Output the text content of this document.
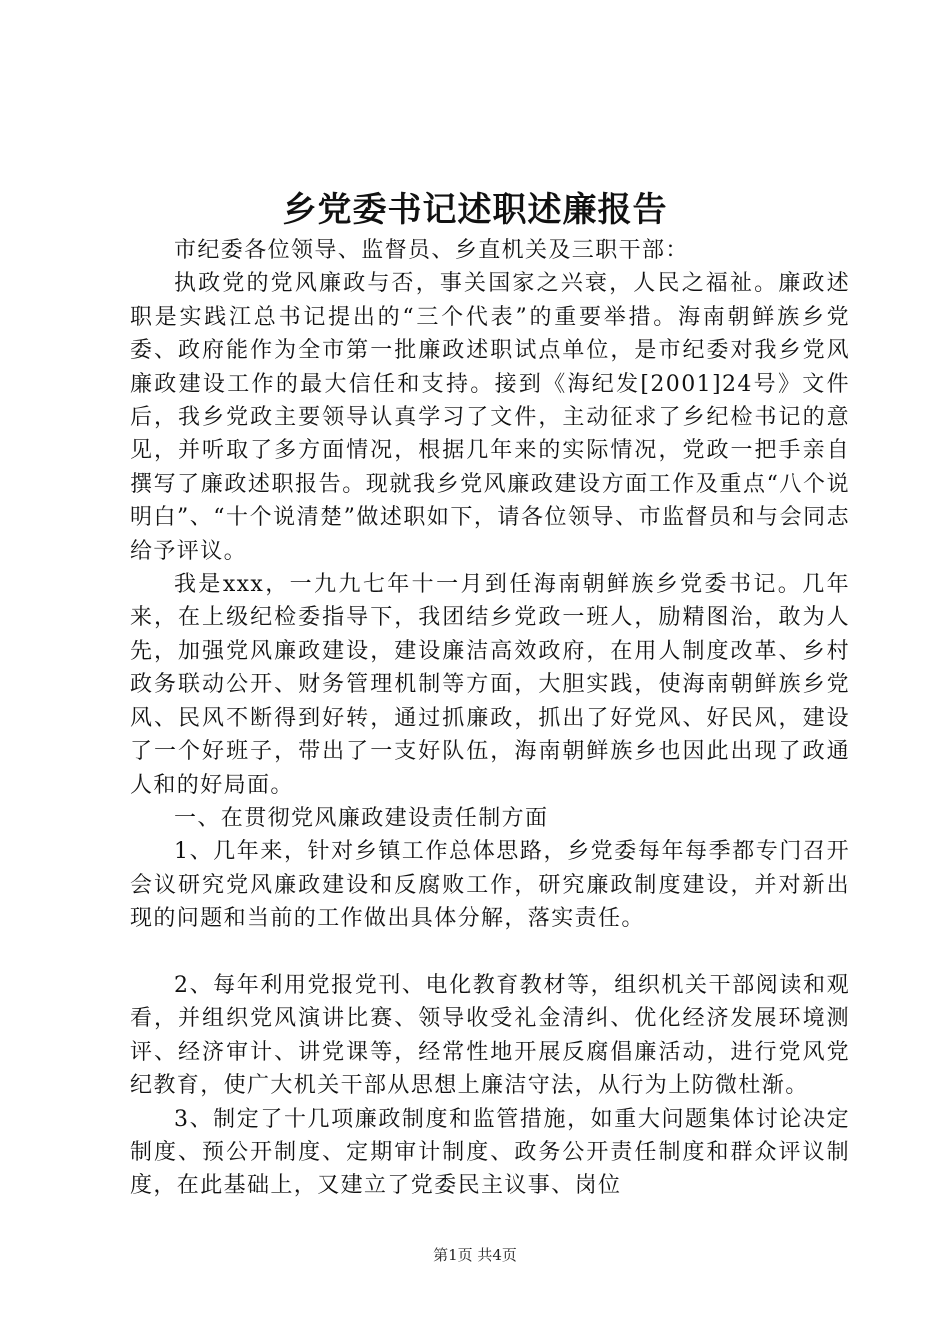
乡党委书记述职述廉报告

市纪委各位领导、监督员、乡直机关及三职干部：

执政党的党风廉政与否，事关国家之兴衰，人民之福祉。廉政述职是实践江总书记提出的“三个代表”的重要举措。海南朝鲜族乡党委、政府能作为全市第一批廉政述职试点单位，是市纪委对我乡党风廉政建设工作的最大信任和支持。接到《海纪发[2001]24号》文件后，我乡党政主要领导认真学习了文件，主动征求了乡纪检书记的意见，并听取了多方面情况，根据几年来的实际情况，党政一把手亲自撰写了廉政述职报告。现就我乡党风廉政建设方面工作及重点“八个说明白”、“十个说清楚”做述职如下，请各位领导、市监督员和与会同志给予评议。

我是xxx，一九九七年十一月到任海南朝鲜族乡党委书记。几年来，在上级纪检委指导下，我团结乡党政一班人，励精图治，敢为人先，加强党风廉政建设，建设廉洁高效政府，在用人制度改革、乡村政务联动公开、财务管理机制等方面，大胆实践，使海南朝鲜族乡党风、民风不断得到好转，通过抓廉政，抓出了好党风、好民风，建设了一个好班子，带出了一支好队伍，海南朝鲜族乡也因此出现了政通人和的好局面。

一、在贯彻党风廉政建设责任制方面

1、几年来，针对乡镇工作总体思路，乡党委每年每季都专门召开会议研究党风廉政建设和反腐败工作，研究廉政制度建设，并对新出现的问题和当前的工作做出具体分解，落实责任。

2、每年利用党报党刊、电化教育教材等，组织机关干部阅读和观看，并组织党风演讲比赛、领导收受礼金清纠、优化经济发展环境测评、经济审计、讲党课等，经常性地开展反腐倡廉活动，进行党风党纪教育，使广大机关干部从思想上廉洁守法，从行为上防微杜渐。

3、制定了十几项廉政制度和监管措施，如重大问题集体讨论决定制度、预公开制度、定期审计制度、政务公开责任制度和群众评议制度，在此基础上，又建立了党委民主议事、岗位

第1页 共4页
